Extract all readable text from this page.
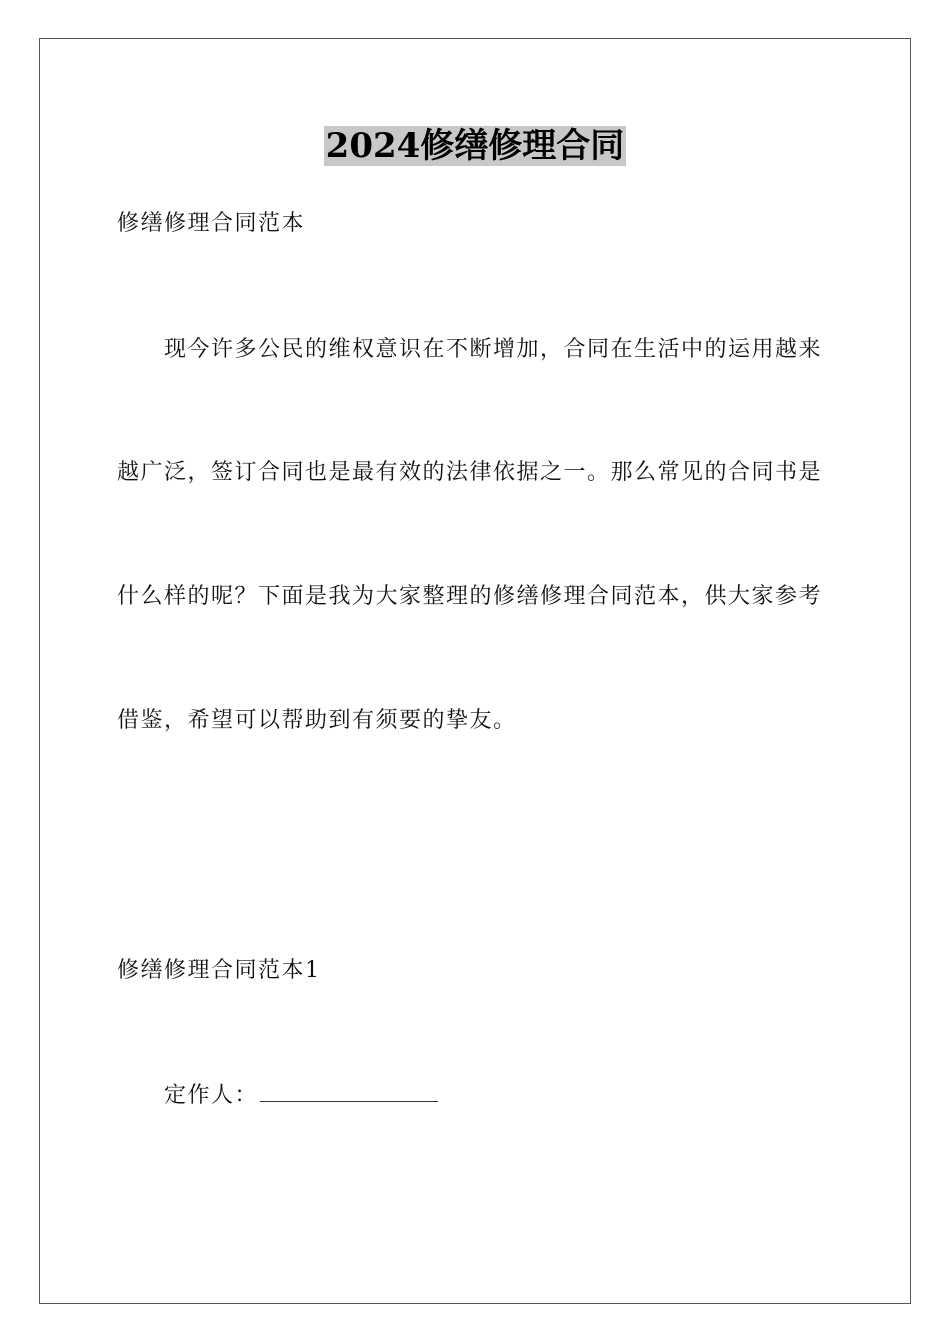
2024修缮修理合同
修缮修理合同范本
现今许多公民的维权意识在不断增加，合同在生活中的运用越来
越广泛，签订合同也是最有效的法律依据之一。那么常见的合同书是
什么样的呢？下面是我为大家整理的修缮修理合同范本，供大家参考
借鉴，希望可以帮助到有须要的挚友。
修缮修理合同范本1
定作人：
